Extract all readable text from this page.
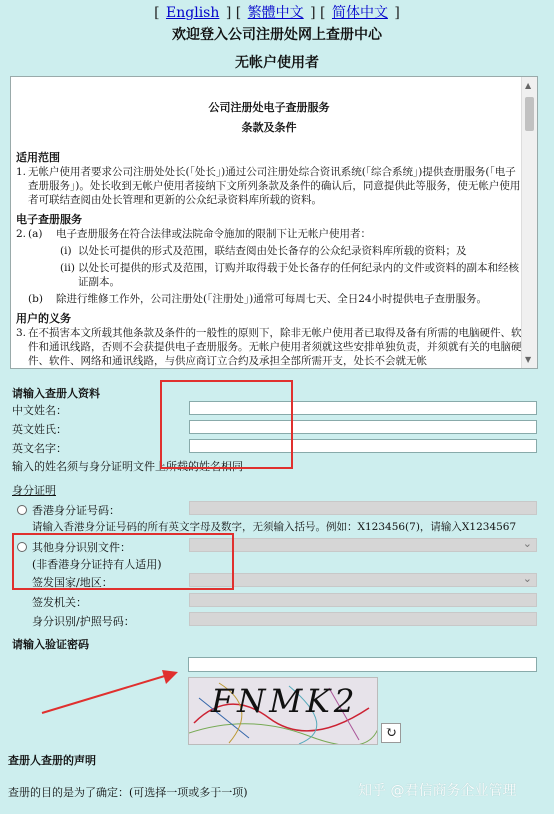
[ English ] [ 繁體中文 ] [ 简体中文 ]
欢迎登入公司注册处网上查册中心
无帐户使用者
公司注册处电子查册服务
条款及条件
适用范围
1. 无帐户使用者要求公司注册处处长(「处长」)通过公司注册处综合资讯系统(「综合系统」)提供查册服务(「电子查册服务」)。处长收到无帐户使用者接纳下文所列条款及条件的确认后，同意提供此等服务，使无帐户使用者可联结查阅由处长管理和更新的公众纪录资料库所载的资料。
电子查册服务
2. (a) 电子查册服务在符合法律或法院命令施加的限制下让无帐户使用者：
(i) 以处长可提供的形式及范围，联结查阅由处长备存的公众纪录资料库所载的资料；及
(ii) 以处长可提供的形式及范围，订购并取得载于处长备存的任何纪录内的文件或资料的副本和经核证副本。
(b) 除进行维修工作外，公司注册处(「注册处」)通常可每周七天、全日24小时提供电子查册服务。
用户的义务
3. 在不损害本文所载其他条款及条件的一般性的原则下，除非无帐户使用者已取得及备有所需的电脑硬件、软件和通讯线路，否则不会获提供电子查册服务。无帐户使用者须就这些安排单独负责，并须就有关的电脑硬件、软件、网络和通讯线路，与供应商订立合约及承担全部所需开支，处长不会就无帐
▲
▼
请输入查册人资料
中文姓名：
英文姓氏：
英文名字：
输入的姓名须与身分证明文件上所载的姓名相同
身分证明
香港身分证号码：
请输入香港身分证号码的所有英文字母及数字，无须输入括号。例如：X123456(7)，请输入X1234567
其他身分识别文件：	⌄
(非香港身分证持有人适用)
签发国家/地区：	⌄
签发机关：
身分识别/护照号码：
请输入验证密码
FNMK2
↻
查册人查册的声明
查册的目的是为了确定：(可选择一项或多于一项)	知乎 @君信商务企业管理
